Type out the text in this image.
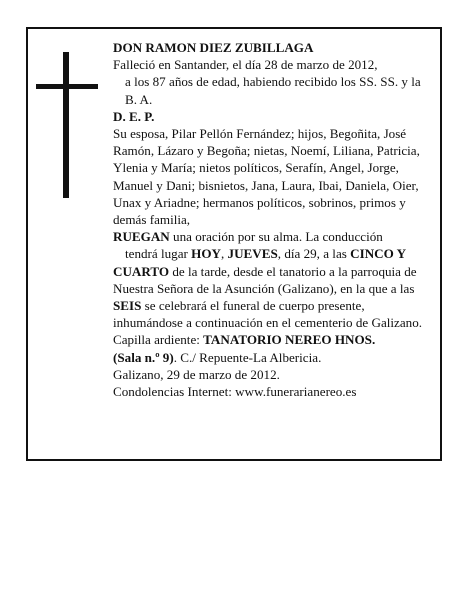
DON RAMON DIEZ ZUBILLAGA

Falleció en Santander, el día 28 de marzo de 2012,

a los 87 años de edad, habiendo recibido los SS. SS. y la B. A.

D. E. P.

Su esposa, Pilar Pellón Fernández; hijos, Begoñita, José Ramón, Lázaro y Begoña; nietas, Noemí, Liliana, Patricia, Ylenia y María; nietos políticos, Serafín, Angel, Jorge, Manuel y Dani; bisnietos, Jana, Laura, Ibai, Daniela, Oier, Unax y Ariadne; hermanos políticos, sobrinos, primos y demás familia,

RUEGAN una oración por su alma. La conducción
tendrá lugar HOY, JUEVES, día 29, a las CINCO Y CUARTO de la tarde, desde el tanatorio a la parroquia de Nuestra Señora de la Asunción (Galizano), en la que a las SEIS se celebrará el funeral de cuerpo presente, inhumándose a continuación en el cementerio de Galizano.

Capilla ardiente: TANATORIO NEREO HNOS.
(Sala n.º 9). C./ Repuente-La Albericia.

Galizano, 29 de marzo de 2012.

Condolencias Internet: www.funerarianereo.es
